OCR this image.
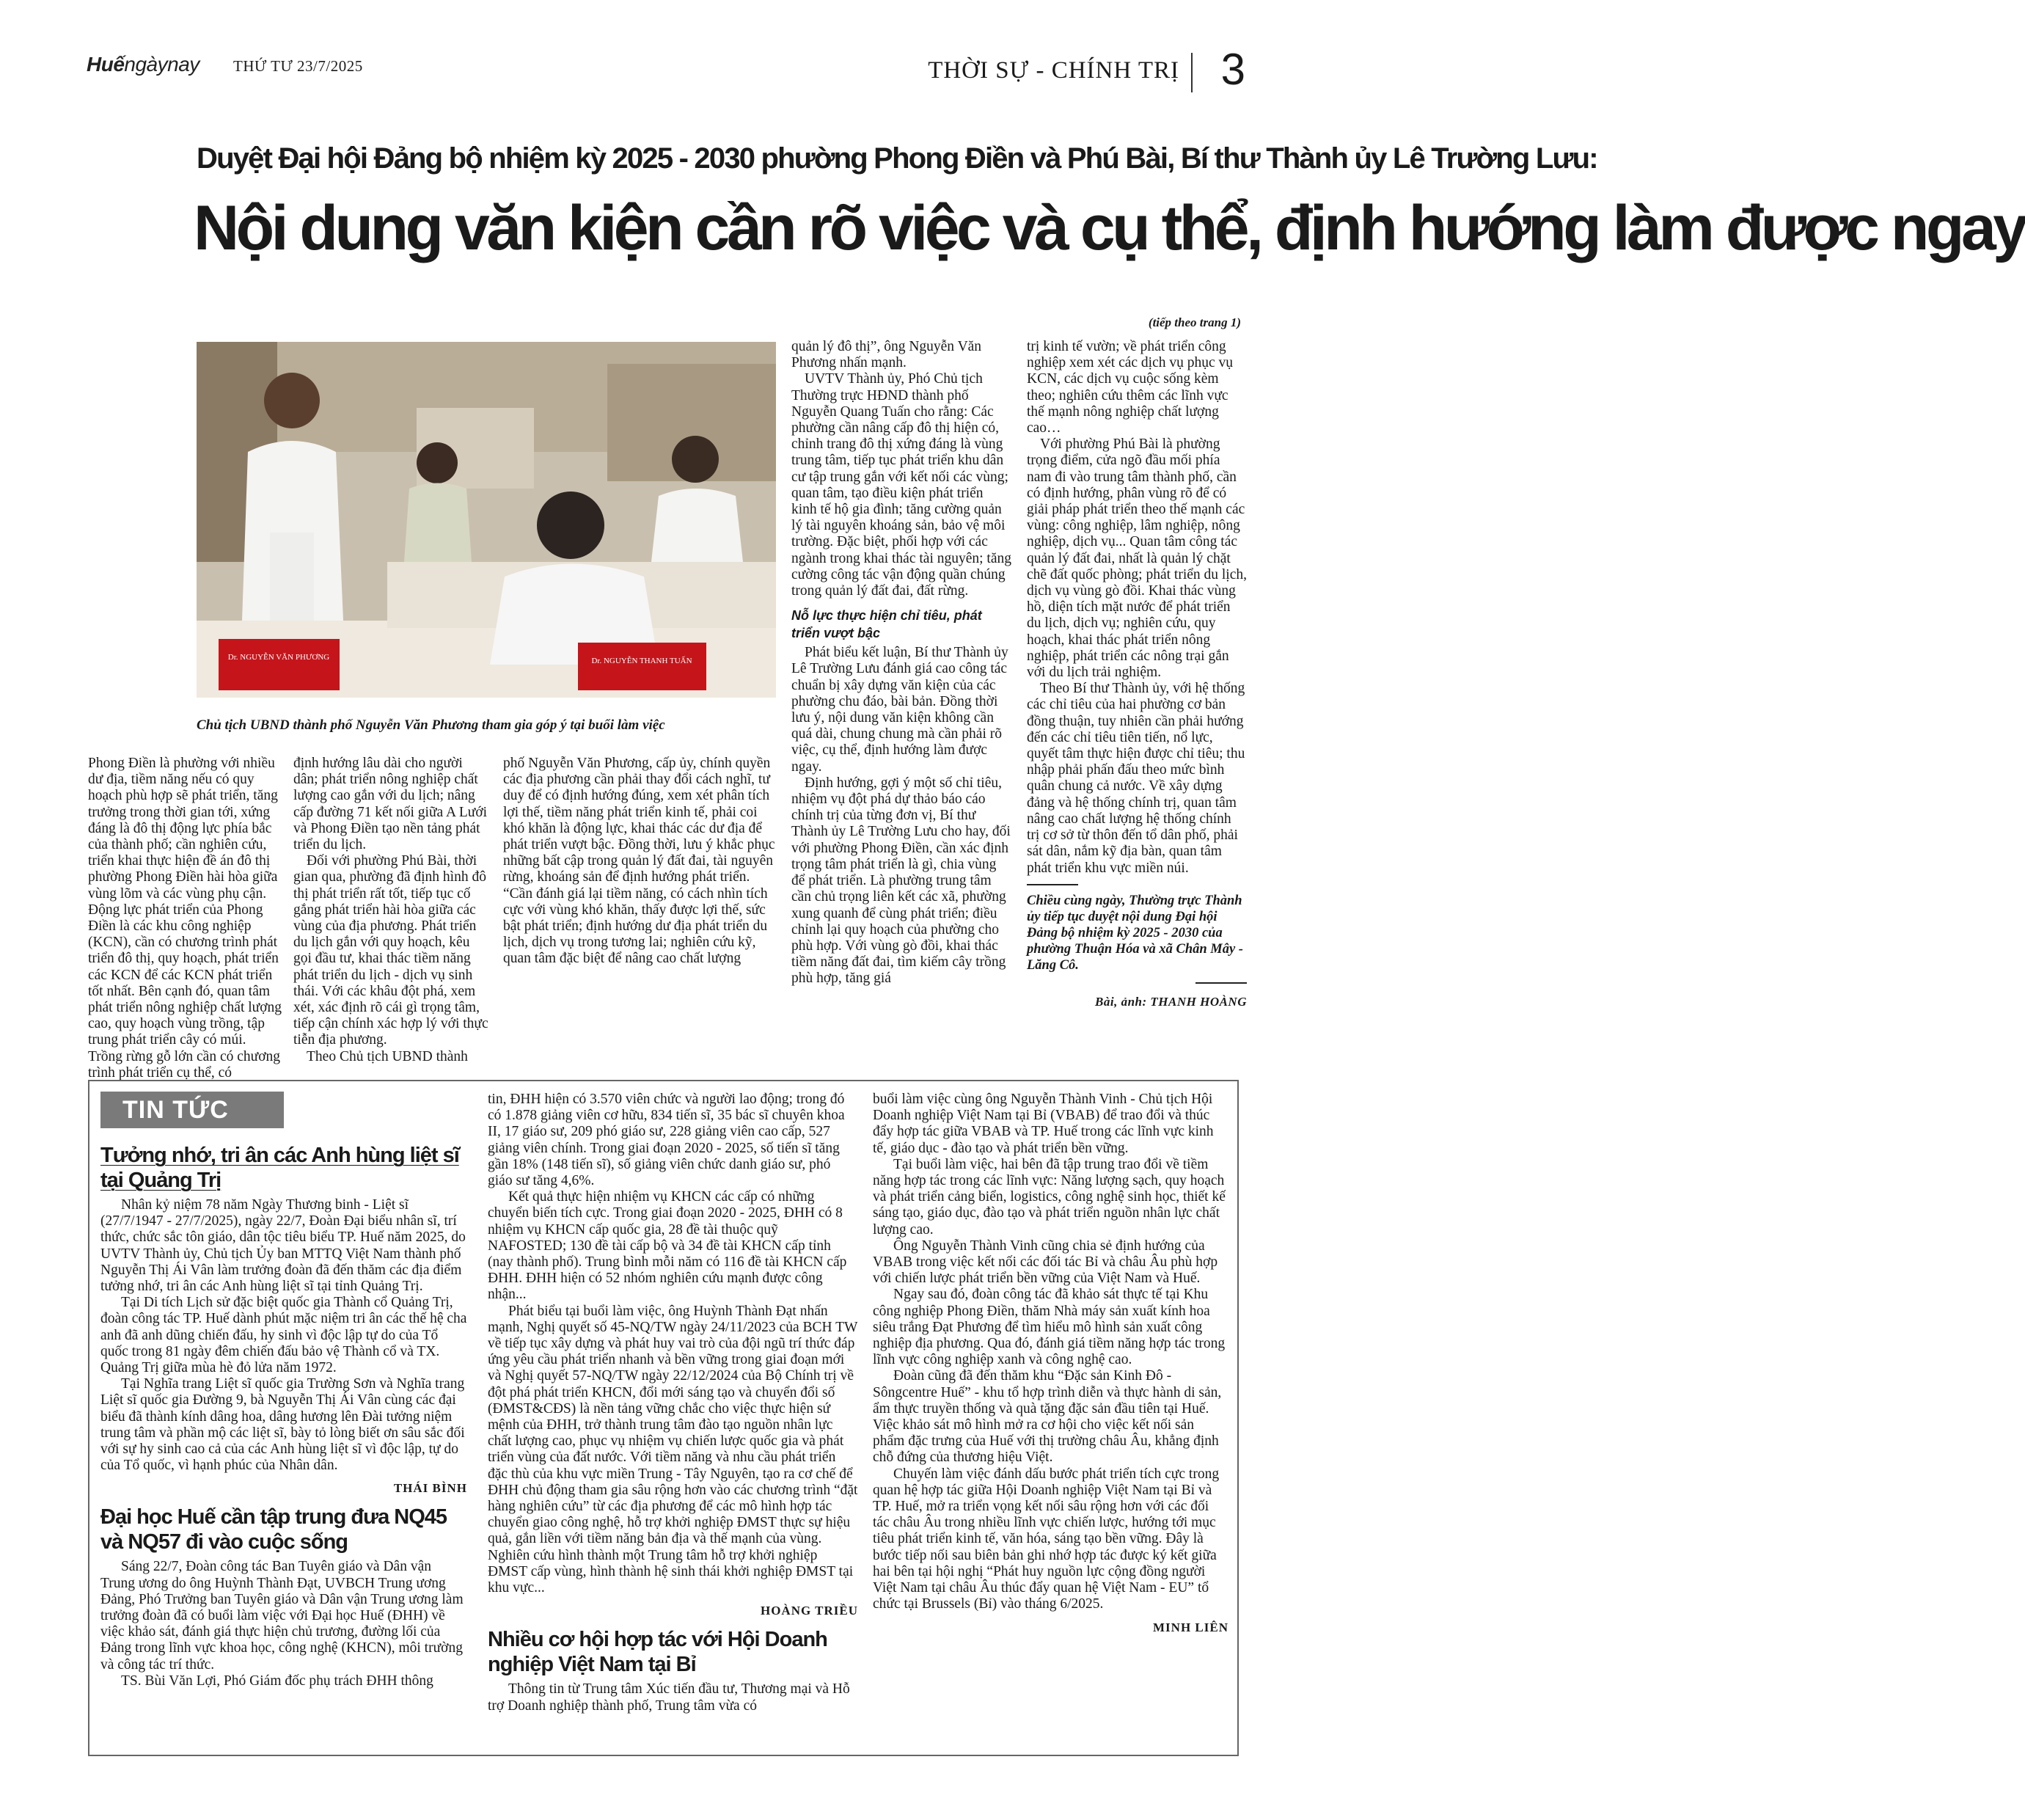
Huếngàynay THỨ TƯ 23/7/2025	THỜI SỰ - CHÍNH TRỊ 3
Duyệt Đại hội Đảng bộ nhiệm kỳ 2025 - 2030 phường Phong Điền và Phú Bài, Bí thư Thành ủy Lê Trường Lưu:
Nội dung văn kiện cần rõ việc và cụ thể, định hướng làm được ngay
(tiếp theo trang 1)
Dr. NGUYỄN VĂN PHƯƠNG	Dr. NGUYỄN THANH TUẤN
Chủ tịch UBND thành phố Nguyễn Văn Phương tham gia góp ý tại buổi làm việc

Phong Điền là phường với nhiều dư địa, tiềm năng nếu có quy hoạch phù hợp sẽ phát triển, tăng trưởng trong thời gian tới, xứng đáng là đô thị động lực phía bắc của thành phố; cần nghiên cứu, triển khai thực hiện đề án đô thị phường Phong Điền hài hòa giữa vùng lõm và các vùng phụ cận. Động lực phát triển của Phong Điền là các khu công nghiệp (KCN), cần có chương trình phát triển đô thị, quy hoạch, phát triển các KCN để các KCN phát triển tốt nhất. Bên cạnh đó, quan tâm phát triển nông nghiệp chất lượng cao, quy hoạch vùng trồng, tập trung phát triển cây có múi. Trồng rừng gỗ lớn cần có chương trình phát triển cụ thể, có

định hướng lâu dài cho người dân; phát triển nông nghiệp chất lượng cao gắn với du lịch; nâng cấp đường 71 kết nối giữa A Lưới và Phong Điền tạo nền tảng phát triển du lịch.

Đối với phường Phú Bài, thời gian qua, phường đã định hình đô thị phát triển rất tốt, tiếp tục cố gắng phát triển hài hòa giữa các vùng của địa phương. Phát triển du lịch gắn với quy hoạch, kêu gọi đầu tư, khai thác tiềm năng phát triển du lịch - dịch vụ sinh thái. Với các khâu đột phá, xem xét, xác định rõ cái gì trọng tâm, tiếp cận chính xác hợp lý với thực tiễn địa phương.

Theo Chủ tịch UBND thành

phố Nguyễn Văn Phương, cấp ủy, chính quyền các địa phương cần phải thay đổi cách nghĩ, tư duy để có định hướng đúng, xem xét phân tích lợi thế, tiềm năng phát triển kinh tế, phải coi khó khăn là động lực, khai thác các dư địa để phát triển vượt bậc. Đồng thời, lưu ý khắc phục những bất cập trong quản lý đất đai, tài nguyên rừng, khoáng sản để định hướng phát triển. “Cần đánh giá lại tiềm năng, có cách nhìn tích cực với vùng khó khăn, thấy được lợi thế, sức bật phát triển; định hướng dư địa phát triển du lịch, dịch vụ trong tương lai; nghiên cứu kỹ, quan tâm đặc biệt để nâng cao chất lượng

quản lý đô thị”, ông Nguyễn Văn Phương nhấn mạnh.

UVTV Thành ủy, Phó Chủ tịch Thường trực HĐND thành phố Nguyễn Quang Tuấn cho rằng: Các phường cần nâng cấp đô thị hiện có, chỉnh trang đô thị xứng đáng là vùng trung tâm, tiếp tục phát triển khu dân cư tập trung gắn với kết nối các vùng; quan tâm, tạo điều kiện phát triển kinh tế hộ gia đình; tăng cường quản lý tài nguyên khoáng sản, bảo vệ môi trường. Đặc biệt, phối hợp với các ngành trong khai thác tài nguyên; tăng cường công tác vận động quần chúng trong quản lý đất đai, đất rừng.

Nỗ lực thực hiện chỉ tiêu, phát triển vượt bậc

Phát biểu kết luận, Bí thư Thành ủy Lê Trường Lưu đánh giá cao công tác chuẩn bị xây dựng văn kiện của các phường chu đáo, bài bản. Đồng thời lưu ý, nội dung văn kiện không cần quá dài, chung chung mà cần phải rõ việc, cụ thể, định hướng làm được ngay.

Định hướng, gợi ý một số chỉ tiêu, nhiệm vụ đột phá dự thảo báo cáo chính trị của từng đơn vị, Bí thư Thành ủy Lê Trường Lưu cho hay, đối với phường Phong Điền, cần xác định trọng tâm phát triển là gì, chia vùng để phát triển. Là phường trung tâm cần chủ trọng liên kết các xã, phường xung quanh để cùng phát triển; điều chỉnh lại quy hoạch của phường cho phù hợp. Với vùng gò đồi, khai thác tiềm năng đất đai, tìm kiếm cây trồng phù hợp, tăng giá

trị kinh tế vườn; về phát triển công nghiệp xem xét các dịch vụ phục vụ KCN, các dịch vụ cuộc sống kèm theo; nghiên cứu thêm các lĩnh vực thế mạnh nông nghiệp chất lượng cao…

Với phường Phú Bài là phường trọng điểm, cửa ngõ đầu mối phía nam đi vào trung tâm thành phố, cần có định hướng, phân vùng rõ để có giải pháp phát triển theo thế mạnh các vùng: công nghiệp, lâm nghiệp, nông nghiệp, dịch vụ... Quan tâm công tác quản lý đất đai, nhất là quản lý chặt chẽ đất quốc phòng; phát triển du lịch, dịch vụ vùng gò đồi. Khai thác vùng hồ, diện tích mặt nước để phát triển du lịch, dịch vụ; nghiên cứu, quy hoạch, khai thác phát triển nông nghiệp, phát triển các nông trại gắn với du lịch trải nghiệm.

Theo Bí thư Thành ủy, với hệ thống các chỉ tiêu của hai phường cơ bản đồng thuận, tuy nhiên cần phải hướng đến các chỉ tiêu tiên tiến, nổ lực, quyết tâm thực hiện được chỉ tiêu; thu nhập phải phấn đấu theo mức bình quân chung cả nước. Về xây dựng đảng và hệ thống chính trị, quan tâm nâng cao chất lượng hệ thống chính trị cơ sở từ thôn đến tổ dân phố, phải sát dân, nắm kỹ địa bàn, quan tâm phát triển khu vực miền núi.

Chiều cùng ngày, Thường trực Thành ủy tiếp tục duyệt nội dung Đại hội Đảng bộ nhiệm kỳ 2025 - 2030 của phường Thuận Hóa và xã Chân Mây - Lăng Cô.
Bài, ảnh: THANH HOÀNG
TIN TỨC
Tưởng nhớ, tri ân các Anh hùng liệt sĩ tại Quảng Trị

Nhân kỷ niệm 78 năm Ngày Thương binh - Liệt sĩ (27/7/1947 - 27/7/2025), ngày 22/7, Đoàn Đại biểu nhân sĩ, trí thức, chức sắc tôn giáo, dân tộc tiêu biểu TP. Huế năm 2025, do UVTV Thành ủy, Chủ tịch Ủy ban MTTQ Việt Nam thành phố Nguyễn Thị Ái Vân làm trưởng đoàn đã đến thăm các địa điểm tưởng nhớ, tri ân các Anh hùng liệt sĩ tại tỉnh Quảng Trị.

Tại Di tích Lịch sử đặc biệt quốc gia Thành cổ Quảng Trị, đoàn công tác TP. Huế dành phút mặc niệm tri ân các thế hệ cha anh đã anh dũng chiến đấu, hy sinh vì độc lập tự do của Tổ quốc trong 81 ngày đêm chiến đấu bảo vệ Thành cổ và TX. Quảng Trị giữa mùa hè đỏ lửa năm 1972.

Tại Nghĩa trang Liệt sĩ quốc gia Trường Sơn và Nghĩa trang Liệt sĩ quốc gia Đường 9, bà Nguyễn Thị Ái Vân cùng các đại biểu đã thành kính dâng hoa, dâng hương lên Đài tưởng niệm trung tâm và phần mộ các liệt sĩ, bày tỏ lòng biết ơn sâu sắc đối với sự hy sinh cao cả của các Anh hùng liệt sĩ vì độc lập, tự do của Tổ quốc, vì hạnh phúc của Nhân dân.

THÁI BÌNH
Đại học Huế cần tập trung đưa NQ45 và NQ57 đi vào cuộc sống

Sáng 22/7, Đoàn công tác Ban Tuyên giáo và Dân vận Trung ương do ông Huỳnh Thành Đạt, UVBCH Trung ương Đảng, Phó Trưởng ban Tuyên giáo và Dân vận Trung ương làm trưởng đoàn đã có buổi làm việc với Đại học Huế (ĐHH) về việc khảo sát, đánh giá thực hiện chủ trương, đường lối của Đảng trong lĩnh vực khoa học, công nghệ (KHCN), môi trường và công tác trí thức.

TS. Bùi Văn Lợi, Phó Giám đốc phụ trách ĐHH thông

tin, ĐHH hiện có 3.570 viên chức và người lao động; trong đó có 1.878 giảng viên cơ hữu, 834 tiến sĩ, 35 bác sĩ chuyên khoa II, 17 giáo sư, 209 phó giáo sư, 228 giảng viên cao cấp, 527 giảng viên chính. Trong giai đoạn 2020 - 2025, số tiến sĩ tăng gần 18% (148 tiến sĩ), số giảng viên chức danh giáo sư, phó giáo sư tăng 4,6%.

Kết quả thực hiện nhiệm vụ KHCN các cấp có những chuyển biến tích cực. Trong giai đoạn 2020 - 2025, ĐHH có 8 nhiệm vụ KHCN cấp quốc gia, 28 đề tài thuộc quỹ NAFOSTED; 130 đề tài cấp bộ và 34 đề tài KHCN cấp tỉnh (nay thành phố). Trung bình mỗi năm có 116 đề tài KHCN cấp ĐHH. ĐHH hiện có 52 nhóm nghiên cứu mạnh được công nhận...

Phát biểu tại buổi làm việc, ông Huỳnh Thành Đạt nhấn mạnh, Nghị quyết số 45-NQ/TW ngày 24/11/2023 của BCH TW về tiếp tục xây dựng và phát huy vai trò của đội ngũ trí thức đáp ứng yêu cầu phát triển nhanh và bền vững trong giai đoạn mới và Nghị quyết 57-NQ/TW ngày 22/12/2024 của Bộ Chính trị về đột phá phát triển KHCN, đổi mới sáng tạo và chuyển đổi số (ĐMST&CĐS) là nền tảng vững chắc cho việc thực hiện sứ mệnh của ĐHH, trở thành trung tâm đào tạo nguồn nhân lực chất lượng cao, phục vụ nhiệm vụ chiến lược quốc gia và phát triển vùng của đất nước. Với tiềm năng và nhu cầu phát triển đặc thù của khu vực miền Trung - Tây Nguyên, tạo ra cơ chế để ĐHH chủ động tham gia sâu rộng hơn vào các chương trình “đặt hàng nghiên cứu” từ các địa phương để các mô hình hợp tác chuyển giao công nghệ, hỗ trợ khởi nghiệp ĐMST thực sự hiệu quả, gắn liền với tiềm năng bản địa và thế mạnh của vùng. Nghiên cứu hình thành một Trung tâm hỗ trợ khởi nghiệp ĐMST cấp vùng, hình thành hệ sinh thái khởi nghiệp ĐMST tại khu vực...

HOÀNG TRIỀU
Nhiều cơ hội hợp tác với Hội Doanh nghiệp Việt Nam tại Bỉ

Thông tin từ Trung tâm Xúc tiến đầu tư, Thương mại và Hỗ trợ Doanh nghiệp thành phố, Trung tâm vừa có

buổi làm việc cùng ông Nguyễn Thành Vinh - Chủ tịch Hội Doanh nghiệp Việt Nam tại Bỉ (VBAB) để trao đổi và thúc đẩy hợp tác giữa VBAB và TP. Huế trong các lĩnh vực kinh tế, giáo dục - đào tạo và phát triển bền vững.

Tại buổi làm việc, hai bên đã tập trung trao đổi về tiềm năng hợp tác trong các lĩnh vực: Năng lượng sạch, quy hoạch và phát triển cảng biển, logistics, công nghệ sinh học, thiết kế sáng tạo, giáo dục, đào tạo và phát triển nguồn nhân lực chất lượng cao.

Ông Nguyễn Thành Vinh cũng chia sẻ định hướng của VBAB trong việc kết nối các đối tác Bỉ và châu Âu phù hợp với chiến lược phát triển bền vững của Việt Nam và Huế.

Ngay sau đó, đoàn công tác đã khảo sát thực tế tại Khu công nghiệp Phong Điền, thăm Nhà máy sản xuất kính hoa siêu trắng Đạt Phương để tìm hiểu mô hình sản xuất công nghiệp địa phương. Qua đó, đánh giá tiềm năng hợp tác trong lĩnh vực công nghiệp xanh và công nghệ cao.

Đoàn cũng đã đến thăm khu “Đặc sản Kinh Đô - Sôngcentre Huế” - khu tổ hợp trình diễn và thực hành di sản, ẩm thực truyền thống và quà tặng đặc sản đầu tiên tại Huế. Việc khảo sát mô hình mở ra cơ hội cho việc kết nối sản phẩm đặc trưng của Huế với thị trường châu Âu, khẳng định chỗ đứng của thương hiệu Việt.

Chuyến làm việc đánh dấu bước phát triển tích cực trong quan hệ hợp tác giữa Hội Doanh nghiệp Việt Nam tại Bỉ và TP. Huế, mở ra triển vọng kết nối sâu rộng hơn với các đối tác châu Âu trong nhiều lĩnh vực chiến lược, hướng tới mục tiêu phát triển kinh tế, văn hóa, sáng tạo bền vững. Đây là bước tiếp nối sau biên bản ghi nhớ hợp tác được ký kết giữa hai bên tại hội nghị “Phát huy nguồn lực cộng đồng người Việt Nam tại châu Âu thúc đẩy quan hệ Việt Nam - EU” tổ chức tại Brussels (Bỉ) vào tháng 6/2025.

MINH LIÊN
